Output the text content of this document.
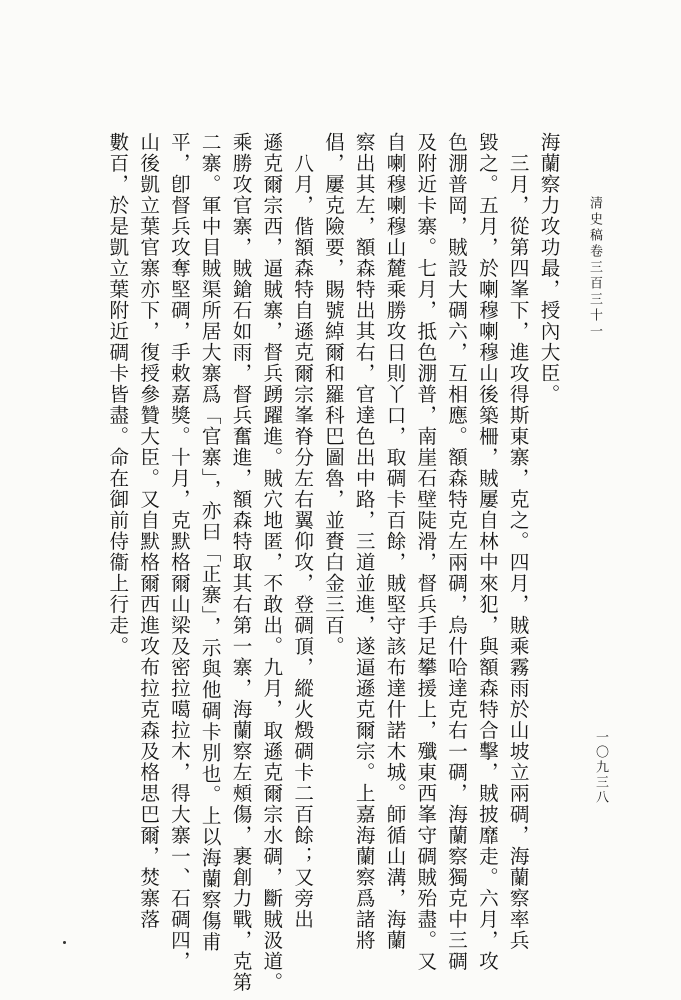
清史稿卷三百三十一
一〇九三八
海蘭察力攻功最，授內大臣。
　三月，從第四峯下，進攻得斯東寨，克之。四月，賊乘霧雨於山坡立兩碉，海蘭察率兵
毀之。五月，於喇穆喇穆山後築柵，賊屢自林中來犯，與額森特合擊，賊披靡走。六月，攻
色淜普岡，賊設大碉六，互相應。額森特克左兩碉，烏什哈達克右一碉，海蘭察獨克中三碉
及附近卡寨。七月，抵色淜普，南崖石壁陡滑，督兵手足攀援上，殲東西峯守碉賊殆盡。又
自喇穆喇穆山麓乘勝攻日則丫口，取碉卡百餘，賊堅守該布達什諾木城。師循山溝，海蘭
察出其左，額森特出其右，官達色出中路，三道並進，遂逼遜克爾宗。上嘉海蘭察爲諸將
倡，屢克險要，賜號綽爾和羅科巴圖魯，並賚白金三百。
　八月，偕額森特自遜克爾宗峯脊分左右翼仰攻，登碉頂，縱火燬碉卡二百餘；又旁出
遜克爾宗西，逼賊寨，督兵踴躍進。賊穴地匿，不敢出。九月，取遜克爾宗水碉，斷賊汲道。
乘勝攻官寨，賊鎗石如雨，督兵奮進，額森特取其右第一寨，海蘭察左頰傷，裹創力戰，克第
二寨。軍中目賊渠所居大寨爲「官寨」，亦曰「正寨」，示與他碉卡別也。上以海蘭察傷甫
平，卽督兵攻奪堅碉，手敕嘉獎。十月，克默格爾山梁及密拉噶拉木，得大寨一、石碉四，
山後凱立葉官寨亦下，復授參贊大臣。又自默格爾西進攻布拉克森及格思巴爾，焚寨落
數百，於是凱立葉附近碉卡皆盡。命在御前侍衞上行走。
